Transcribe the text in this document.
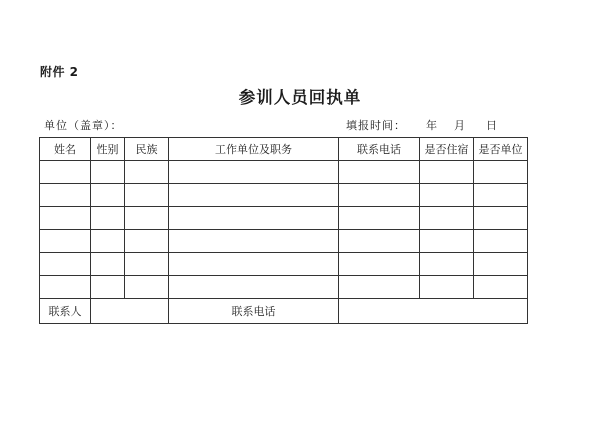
附件 2
参训人员回执单
单位（盖章）：	填报时间： 年 月 日
姓名	性别	民族	工作单位及职务	联系电话	是否住宿	是否单位

联系人			联系电话			
